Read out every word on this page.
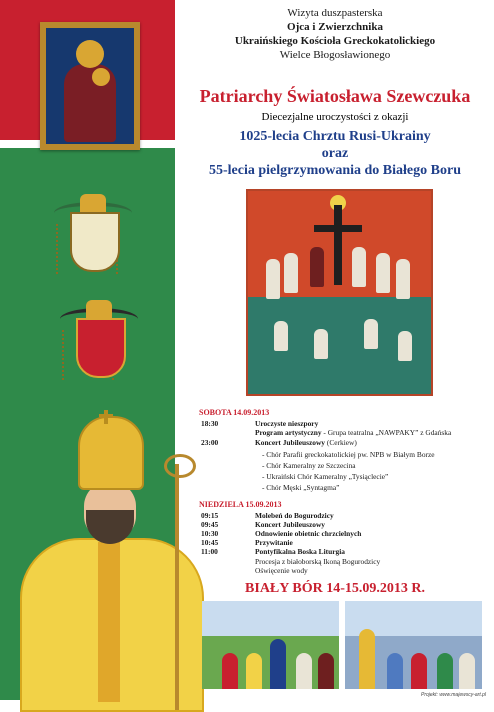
Wizyta duszpasterska
Ojca i Zwierzchnika
Ukraińskiego Kościoła Greckokatolickiego
Wielce Błogosławionego
Patriarchy Światosława Szewczuka
Diecezjalne uroczystości z okazji
1025-lecia Chrztu Rusi-Ukrainy
oraz
55-lecia pielgrzymowania do Białego Boru
SOBOTA 14.09.2013
18:30	Uroczyste nieszpory
Program artystyczny - Grupa teatralna „NAWPAKY” z Gdańska
23:00	Koncert Jubileuszowy (Cerkiew)
- Chór Parafii greckokatolickiej pw. NPB w Białym Borze
- Chór Kameralny ze Szczecina
- Ukraiński Chór Kameralny „Tysiąclecie”
- Chór Męski „Syntagma”
NIEDZIELA 15.09.2013
09:15	Molebeń do Bogurodzicy
09:45	Koncert Jubileuszowy
10:30	Odnowienie obietnic chrzcielnych
10:45	Przywitanie
11:00	Pontyfikalna Boska Liturgia
Procesja z białoborską Ikoną Bogurodzicy
Oświęcenie wody
BIAŁY BÓR 14-15.09.2013 R.
Projekt: www.majewscy-art.pl
